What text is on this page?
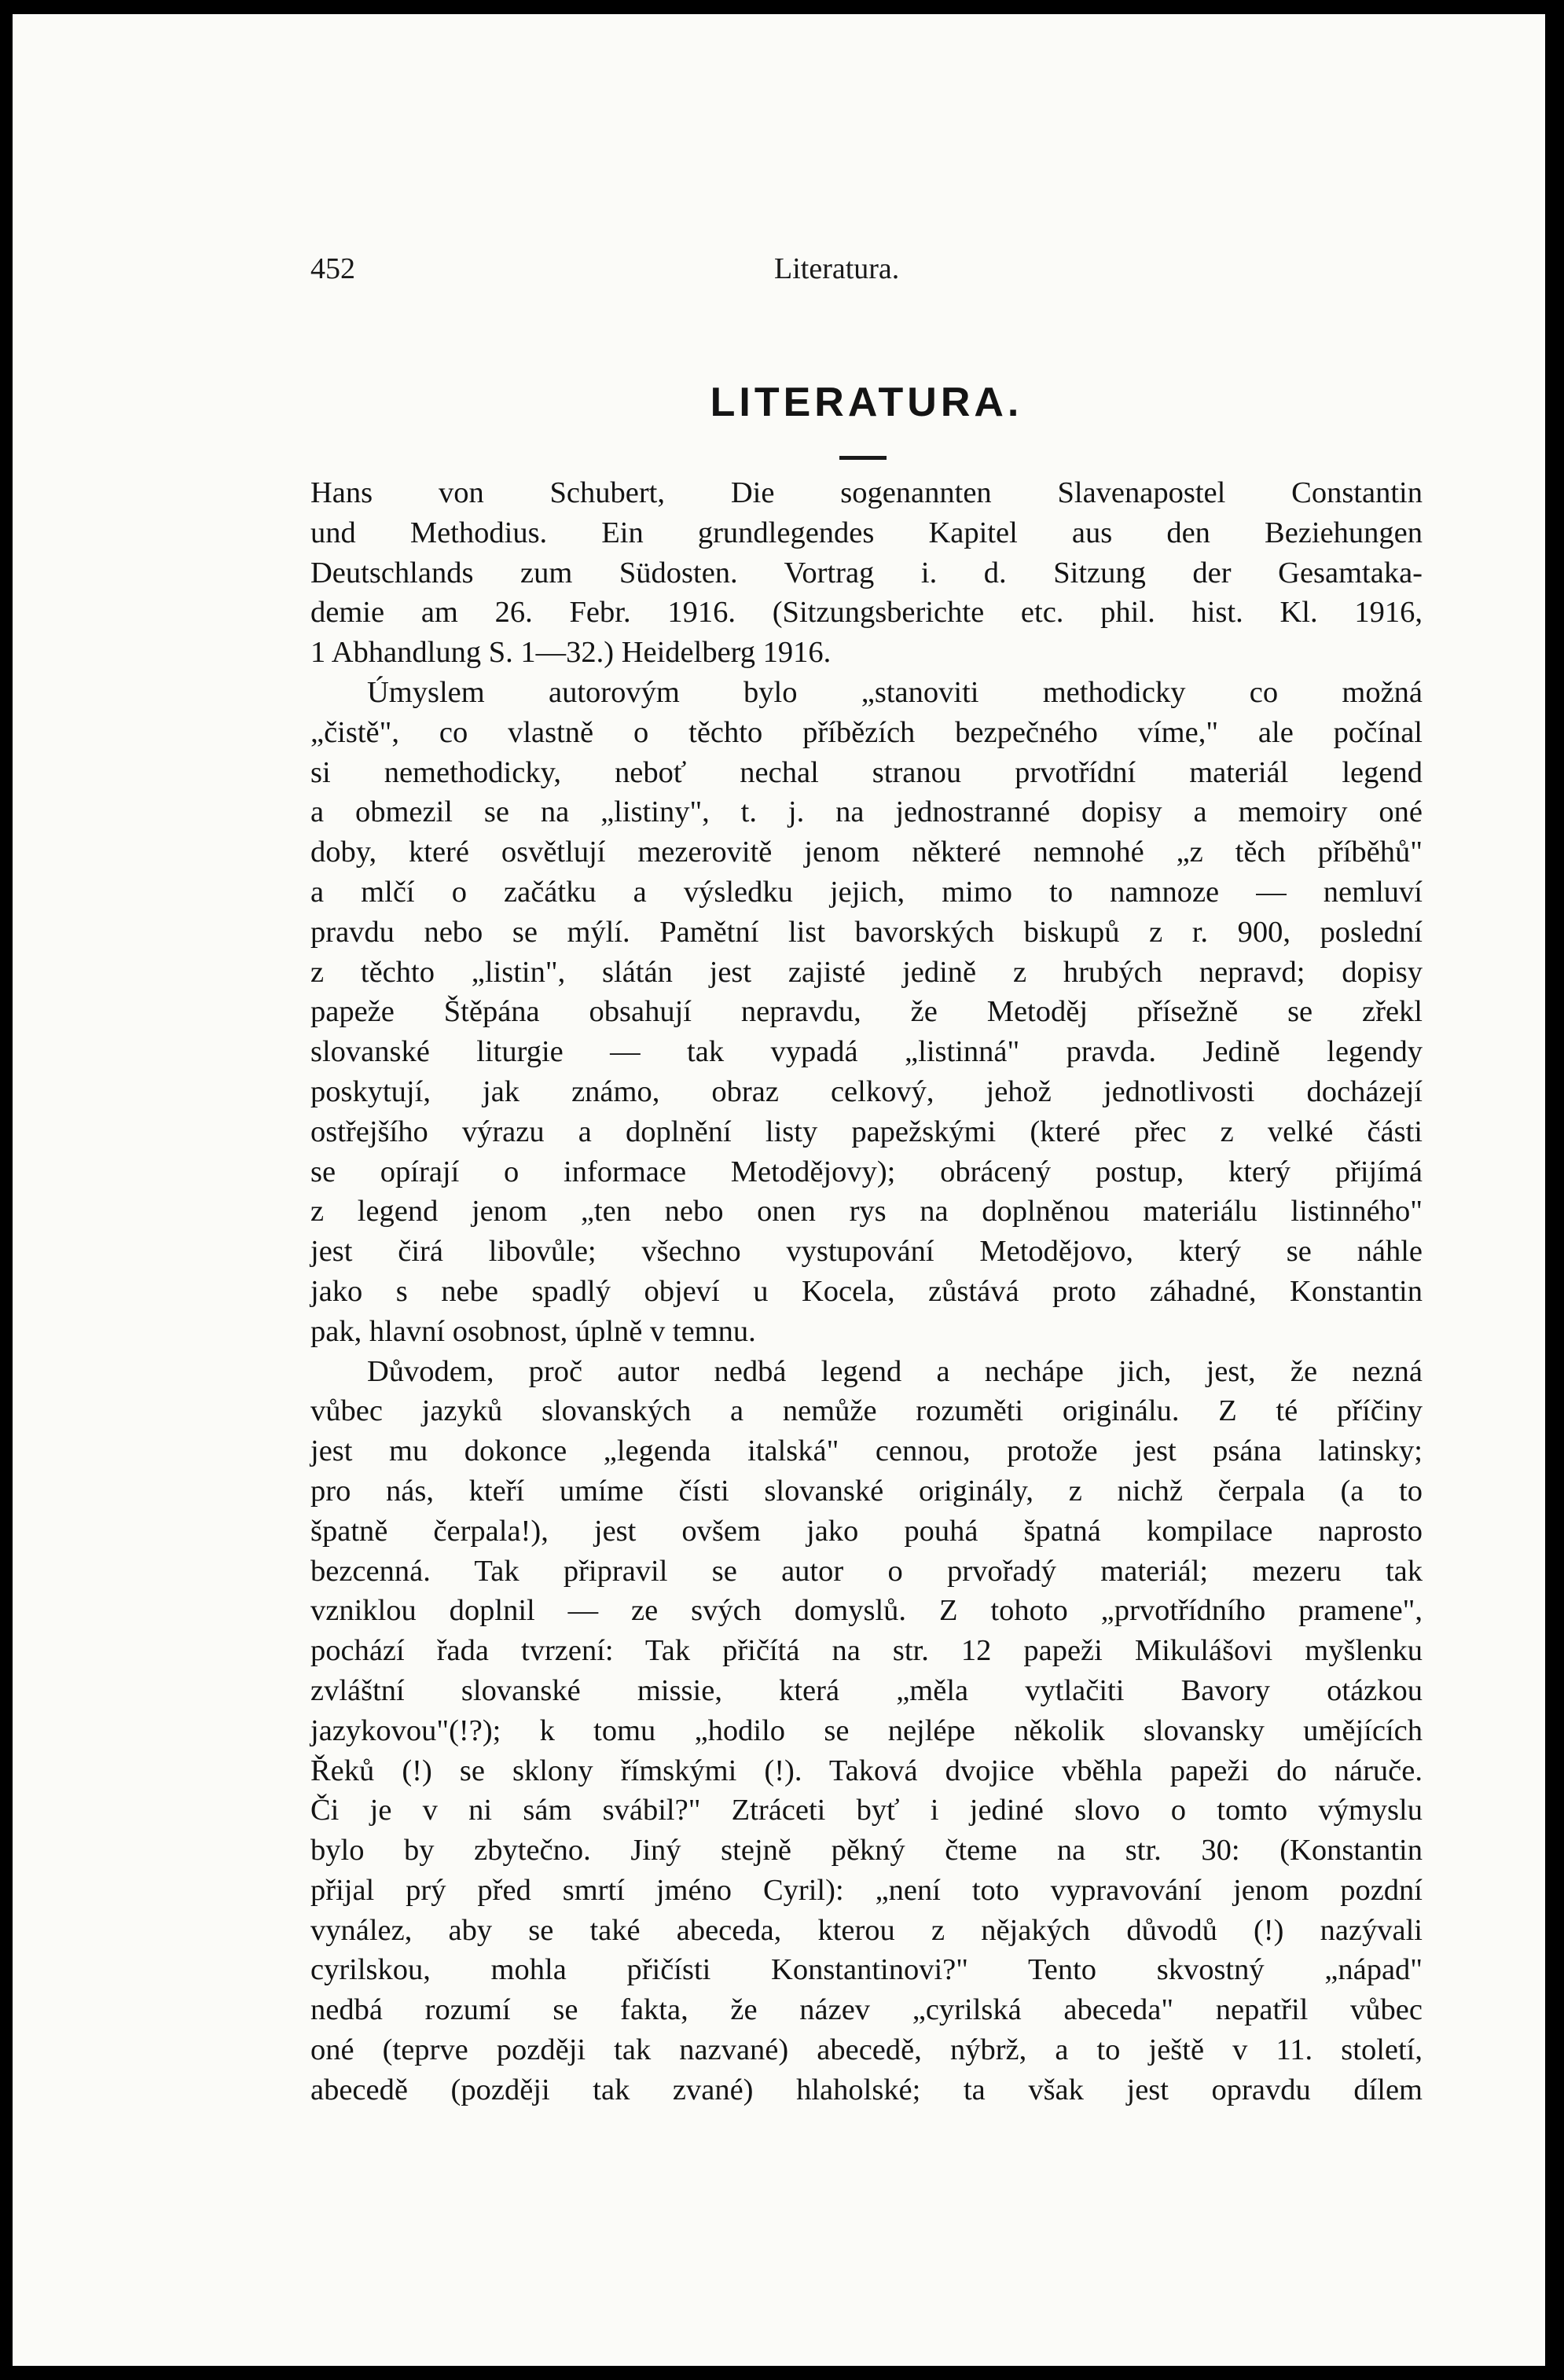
452	Literatura.
LITERATURA.
Hans von Schubert, Die sogenannten Slavenapostel Constantin
und Methodius. Ein grundlegendes Kapitel aus den Beziehungen
Deutschlands zum Südosten. Vortrag i. d. Sitzung der Gesamtaka-
demie am 26. Febr. 1916. (Sitzungsberichte etc. phil. hist. Kl. 1916,
1 Abhandlung S. 1—32.) Heidelberg 1916.
Úmyslem autorovým bylo „stanoviti methodicky co možná
„čistě", co vlastně o těchto příbězích bezpečného víme," ale počínal
si nemethodicky, neboť nechal stranou prvotřídní materiál legend
a obmezil se na „listiny", t. j. na jednostranné dopisy a memoiry oné
doby, které osvětlují mezerovitě jenom některé nemnohé „z těch příběhů"
a mlčí o začátku a výsledku jejich, mimo to namnoze — nemluví
pravdu nebo se mýlí. Pamětní list bavorských biskupů z r. 900, poslední
z těchto „listin", slátán jest zajisté jedině z hrubých nepravd; dopisy
papeže Štěpána obsahují nepravdu, že Metoděj přísežně se zřekl
slovanské liturgie — tak vypadá „listinná" pravda. Jedině legendy
poskytují, jak známo, obraz celkový, jehož jednotlivosti docházejí
ostřejšího výrazu a doplnění listy papežskými (které přec z velké části
se opírají o informace Metodějovy); obrácený postup, který přijímá
z legend jenom „ten nebo onen rys na doplněnou materiálu listinného"
jest čirá libovůle; všechno vystupování Metodějovo, který se náhle
jako s nebe spadlý objeví u Kocela, zůstává proto záhadné, Konstantin
pak, hlavní osobnost, úplně v temnu.
Důvodem, proč autor nedbá legend a nechápe jich, jest, že nezná
vůbec jazyků slovanských a nemůže rozuměti originálu. Z té příčiny
jest mu dokonce „legenda italská" cennou, protože jest psána latinsky;
pro nás, kteří umíme čísti slovanské originály, z nichž čerpala (a to
špatně čerpala!), jest ovšem jako pouhá špatná kompilace naprosto
bezcenná. Tak připravil se autor o prvořadý materiál; mezeru tak
vzniklou doplnil — ze svých domyslů. Z tohoto „prvotřídního pramene",
pochází řada tvrzení: Tak přičítá na str. 12 papeži Mikulášovi myšlenku
zvláštní slovanské missie, která „měla vytlačiti Bavory otázkou
jazykovou"(!?); k tomu „hodilo se nejlépe několik slovansky umějících
Řeků (!) se sklony římskými (!). Taková dvojice vběhla papeži do náruče.
Či je v ni sám svábil?" Ztráceti byť i jediné slovo o tomto výmyslu
bylo by zbytečno. Jiný stejně pěkný čteme na str. 30: (Konstantin
přijal prý před smrtí jméno Cyril): „není toto vypravování jenom pozdní
vynález, aby se také abeceda, kterou z nějakých důvodů (!) nazývali
cyrilskou, mohla přičísti Konstantinovi?" Tento skvostný „nápad"
nedbá rozumí se fakta, že název „cyrilská abeceda" nepatřil vůbec
oné (teprve později tak nazvané) abecedě, nýbrž, a to ještě v 11. století,
abecedě (později tak zvané) hlaholské; ta však jest opravdu dílem
